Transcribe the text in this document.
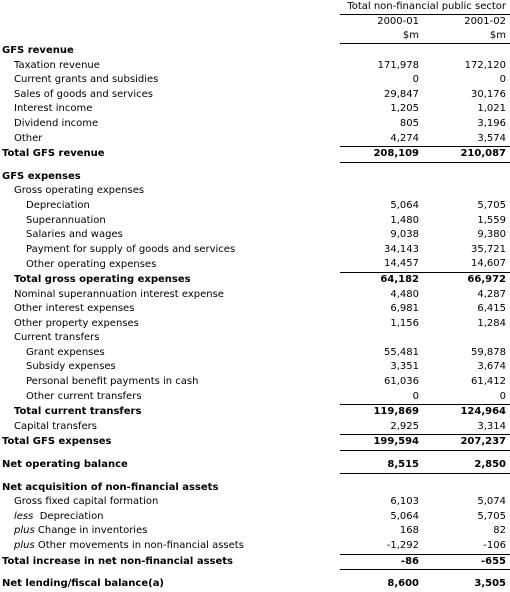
	Total non-financial public sector	
	2000-01	2001-02
	$m	$m
GFS revenue		
Taxation revenue	171,978	172,120
Current grants and subsidies	0	0
Sales of goods and services	29,847	30,176
Interest income	1,205	1,021
Dividend income	805	3,196
Other	4,274	3,574
Total GFS revenue	208,109	210,087

GFS expenses		
Gross operating expenses		
Depreciation	5,064	5,705
Superannuation	1,480	1,559
Salaries and wages	9,038	9,380
Payment for supply of goods and services	34,143	35,721
Other operating expenses	14,457	14,607
Total gross operating expenses	64,182	66,972
Nominal superannuation interest expense	4,480	4,287
Other interest expenses	6,981	6,415
Other property expenses	1,156	1,284
Current transfers		
Grant expenses	55,481	59,878
Subsidy expenses	3,351	3,674
Personal benefit payments in cash	61,036	61,412
Other current transfers	0	0
Total current transfers	119,869	124,964
Capital transfers	2,925	3,314
Total GFS expenses	199,594	207,237

Net operating balance	8,515	2,850

Net acquisition of non-financial assets		
Gross fixed capital formation	6,103	5,074
less Depreciation	5,064	5,705
plus Change in inventories	168	82
plus Other movements in non-financial assets	-1,292	-106
Total increase in net non-financial assets	-86	-655

Net lending/fiscal balance(a)	8,600	3,505
